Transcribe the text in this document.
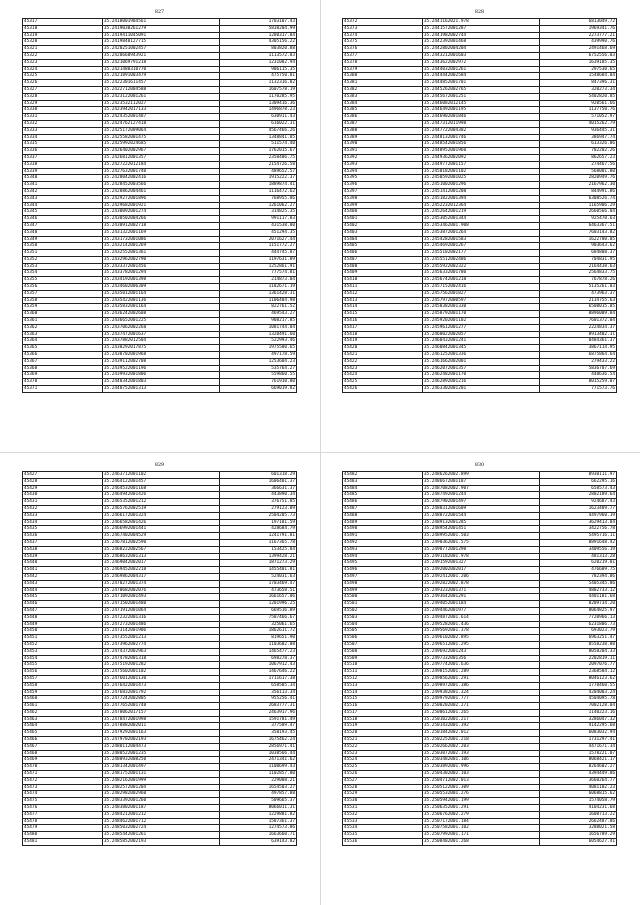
827
45317	35.2418001904561	1703107.43
45318	35.2419030261279	5838204.99
45319	35.2419411045091	1280317.84
45320	35.2419840127715	4305156.22
45321	35.2420251002457	803820.88
45322	35.2420660943921	1113572.83
45323	35.2421069791218	1231002.94
45324	35.2421480310770	906115.35
45325	35.2421891003479	475750.81
45326	35.2422301611457	1132316.82
45327	35.2422712004588	1607578.19
45328	35.2423122001261	1170285.95
45329	35.2423532112027	1309416.36
45330	35.2423942017133	1496878.23
45331	35.2424352001487	630911.43
45332	35.2424762127418	616022.31
45333	35.2425172009064	4567466.26
45334	35.2425582001475	1348841.85
45335	35.2425992024685	511574.40
45336	35.2426402002967	1762015.67
45337	35.2426812001357	2350406.75
45338	35.2427222012184	2154726.58
45339	35.2427632001740	489652.57
45340	35.2428042002416	1915222.37
45341	35.2428452003566	1889874.41
45342	35.2428862004461	1116472.62
45343	35.2429272001896	768955.86
45344	35.2429682001921	1261062.27
45345	35.2430092001274	314825.35
45346	35.2430502004266	991117.83
45347	35.2430912002718	431538.80
45348	35.2431322001169	451294.35
45349	35.2431732001086	2071627.44
45350	35.2432142001269	1151772.27
45351	35.2432552001361	444745.87
45352	35.2432962002790	1197631.89
45353	35.2433372001456	1252861.91
45354	35.2433782001294	777574.81
45355	35.2434192001398	214873.04
45356	35.2434602006309	1182671.19
45357	35.2435012001164	1361428.31
45358	35.2435422001136	1106484.98
45359	35.2435832001164	822761.52
45360	35.2436242002608	469543.27
45361	35.2436652001225	908217.85
45362	35.2437062002268	1081744.04
45363	35.2437472001637	1320491.60
45364	35.2437882012504	522993.46
45365	35.2438292017875	1975580.65
45366	35.2438702001968	497178.59
45367	35.2439112002708	1253604.23
45368	35.2439522001196	535764.27
45369	35.2439932001806	559860.55
45370	35.2440342001803	761910.80
45371	35.2440752001313	669019.82
828
45372	35.2441162021.978	6813049.72
45373	35.2441572001287	1969341.76
45374	35.2441982002744	2273777.21
45375	35.2442392001468	439990.76
45376	35.2442802004204	2491468.69
45377	35.2443212001603	6752556.03
45378	35.2443622002972	1639185.35
45379	35.2444032001261	297530.65
45380	35.2444442002584	1548684.84
45381	35.2444852001701	847396.31
45382	35.2445262002765	320273.34
45383	35.2445672001251	5402820.85
45384	35.2446082012145	920561.66
45385	35.2446492001195	1137750.76
45386	35.2446902001846	571052.97
45387	35.2447312011998	4015262.79
45388	35.2447722004302	936445.31
45389	35.2448132001746	386947.74
45390	35.2448542001856	613326.06
45391	35.2448952001960	782202.26
45392	35.2449362002092	862657.23
45393	35.2449772001157	274467.56
45394	35.2450182001102	568001.80
45395	35.2450592001025	2820949.76
45396	35.2451002001296	2167962.30
45397	35.2451412001208	844991.86
45398	35.2451822001394	6308526.74
45399	35.2452232012364	1165906.29
45400	35.2452642001219	2660566.04
45401	35.2453052001344	925470.63
45402	35.2453462001.908	6463367.51
45403	35.2453872001264	7603143.82
45404	35.2454282001583	1622700.05
45405	35.2454692001267	903643.62
45406	35.2455102002177	684808.37
45407	35.2455512002486	704831.95
45408	35.2455922002322	2164438.63
45409	35.2456332001780	2564833.75
45410	35.2456742001218	767878.26
45411	35.2457152002416	5135261.03
45412	35.2457562001827	473963.37
45413	35.2457972000597	2134755.63
45414	35.2458382001330	6508015.05
45415	35.2458792001170	8896009.84
45416	35.2459202001102	7601372.04
45417	35.2459612001277	2224834.37
45418	35.2460022002057	8913402.31
45419	35.2460432001241	8484361.37
45420	35.2460842001345	3867114.95
45421	35.2461252001336	6875864.64
45422	35.2461662002001	279433.22
45423	35.2462072001357	5836707.69
45424	35.2462482001170	448636.54
45425	35.2462892001216	8015259.07
45426	35.2463302001201	771573.76
829
45427	35.2463712001102	601318.29
45428	35.2464122001457	1606401.37
45429	35.2464532001168	366631.37
45430	35.2464942001426	443890.34
45431	35.2465352001212	376751.85
45432	35.2465762002519	279123.89
45433	35.2466172001324	2504205.73
45434	35.2466582001426	197181.59
45435	35.2466992001441	428684.79
45436	35.2467402004529	1241791.81
45437	35.2467812002590	1167365.78
45438	35.2468222002567	153425.84
45439	35.2468632001313	1399428.21
45440	35.2469042002017	1871273.29
45441	35.2469452002218	1455401.81
45442	35.2469862004317	524031.63
45443	35.2470272001374	1703469.47
45444	35.2470682002076	473658.51
45445	35.2471092001493	1661657.06
45446	35.2471502001480	1201996.25
45447	35.2471912001064	669516.89
45448	35.2472322001316	7587466.67
45449	35.2472732001486	325061.65
45450	35.2473142001906	1862611.72
45451	35.2473552001213	819651.90
45452	35.2473962002774	1103602.08
45453	35.2474372002963	1465477.23
45454	35.2474782001318	698278.37
45455	35.2475192001282	1067912.43
45456	35.2475602001102	1467646.22
45457	35.2476012001130	1711617.38
45458	35.2476422001473	658505.34
45459	35.2476832001792	356113.34
45460	35.2477242002805	955256.41
45461	35.2477652001748	2683777.31
45462	35.2478062017157	2463917.96
45463	35.2478472001998	1591781.49
45464	35.2478882002011	377589.47
45465	35.2479292001163	358193.45
45466	35.2479702002193	1675462.24
45467	35.2480112004473	2856971.41
45468	35.2480522001235	1038566.44
45469	35.2480932008250	2471341.62
45470	35.2481342001497	1100699.43
45471	35.2481752001131	1102857.80
45472	35.2482162001999	229008.21
45473	35.2482572001204	1654503.27
45474	35.2482982002960	497857.88
45475	35.2483392001260	509665.37
45476	35.2483802001187	8066011.31
45477	35.2484212001212	1229881.82
45478	35.2484622001712	1587361.37
45479	35.2485032002724	1274573.86
45480	35.2485442001261	1663660.71
45481	35.2485852002193	639143.82
830
45482	35.2486262002.899	8930111.97
45483	35.2486672001187	662295.16
45484	35.2487082002.907	658573.43
45485	35.2487492001244	2802189.64
45486	35.2487902001497	924687.43
45487	35.2488312001609	1623489.77
45488	35.2488722001544	4497960.19
45489	35.2489132001285	3629413.84
45490	35.2489542001451	3422756.78
45491	35.2489952001.503	5495716.11
45492	35.2490362001.575	8891648.42
45493	35.2490772001298	3409556.19
45494	35.2491182001.978	481313.28
45495	35.2491592001327	620219.81
45496	35.2492002002017	476609.75
45497	35.2492412001.206	782394.86
45498	35.2492822002.878	5405345.86
45499	35.2493232001371	4882733.12
45500	35.2493642001291	4401181.68
45501	35.2494052001184	8209734.20
45502	35.2494462001977	8064825.97
45503	35.2494872001.614	7720966.13
45504	35.2495282001.436	6231806.73
45505	35.2495692001.378	693023.79
45506	35.2496102002.895	6963251.47
45507	35.2496512001.295	8558238.80
45508	35.2496922001243	8058204.33
45509	35.2497332001356	2202819.11
45510	35.2497742001.636	2097076.77
45511	35.2498152001.289	2368584.12
45512	35.2498562001.291	8046123.62
45513	35.2498972001.386	1778460.55
45514	35.2499382001.324	4204003.24
45515	35.2499792001.777	4504095.78
45516	35.2500202002.271	7002128.04
45517	35.2500612001.265	1140223.16
45518	35.2501022001.217	3286047.32
45519	35.2501432001.392	4142295.68
45520	35.2501842002.012	6083032.94
45521	35.2502252001.218	1731297.41
45522	35.2502662002.203	4471671.34
45523	35.2503072002.193	1578221.07
45524	35.2503482001.106	8068421.17
45525	35.2503892001.996	8264602.27
45526	35.2504302002.103	4394449.86
45527	35.2504712002.013	3660264.77
45528	35.2505122001.309	4081102.23
45529	35.2505532001.276	6068815.62
45530	35.2505942001.199	1574058.79
45531	35.2506352001.291	4104231.68
45532	35.2506762002.279	1608713.22
45533	35.2507172001.184	2662487.86
45534	35.2507582001.102	3288021.58
45535	35.2507992001.171	1656789.29
45536	35.2508402001.268	6054627.41
